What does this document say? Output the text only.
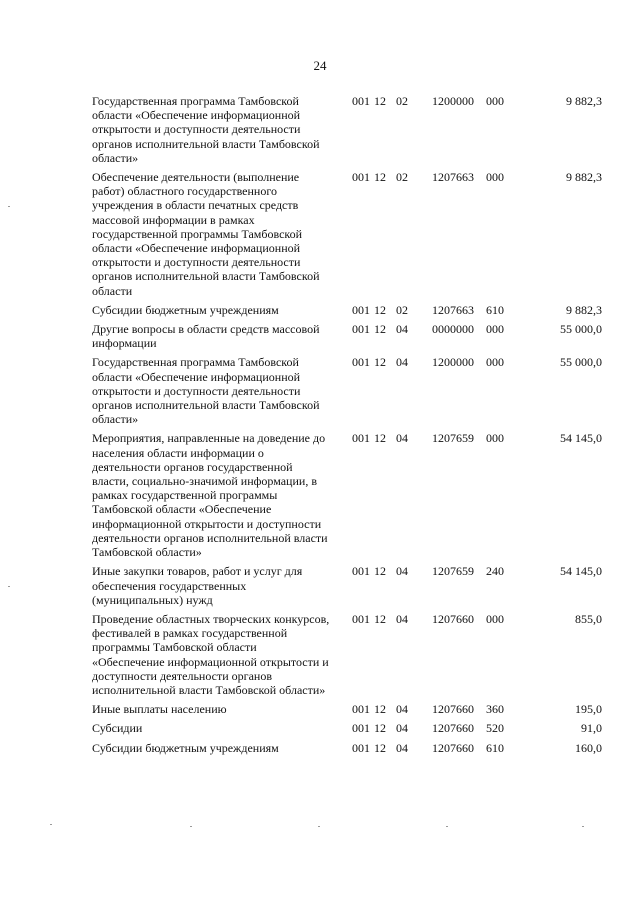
24
Государственная программа Тамбовской области «Обеспечение информационной открытости и доступности деятельности органов исполнительной власти Тамбовской области»	001	12	02	1200000	000	9 882,3
Обеспечение деятельности (выполнение работ) областного государственного учреждения в области печатных средств массовой информации в рамках государственной программы Тамбовской области «Обеспечение информационной открытости и доступности деятельности органов исполнительной власти Тамбовской области	001	12	02	1207663	000	9 882,3
Субсидии бюджетным учреждениям	001	12	02	1207663	610	9 882,3
Другие вопросы в области средств массовой информации	001	12	04	0000000	000	55 000,0
Государственная программа Тамбовской области «Обеспечение информационной открытости и доступности деятельности органов исполнительной власти Тамбовской области»	001	12	04	1200000	000	55 000,0
Мероприятия, направленные на доведение до населения области информации о деятельности органов государственной власти, социально-значимой информации, в рамках государственной программы Тамбовской области «Обеспечение информационной открытости и доступности деятельности органов исполнительной власти Тамбовской области»	001	12	04	1207659	000	54 145,0
Иные закупки товаров, работ и услуг для обеспечения государственных (муниципальных) нужд	001	12	04	1207659	240	54 145,0
Проведение областных творческих конкурсов, фестивалей в рамках государственной программы Тамбовской области «Обеспечение информационной открытости и доступности деятельности органов исполнительной власти Тамбовской области»	001	12	04	1207660	000	855,0
Иные выплаты населению	001	12	04	1207660	360	195,0
Субсидии	001	12	04	1207660	520	91,0
Субсидии бюджетным учреждениям	001	12	04	1207660	610	160,0
